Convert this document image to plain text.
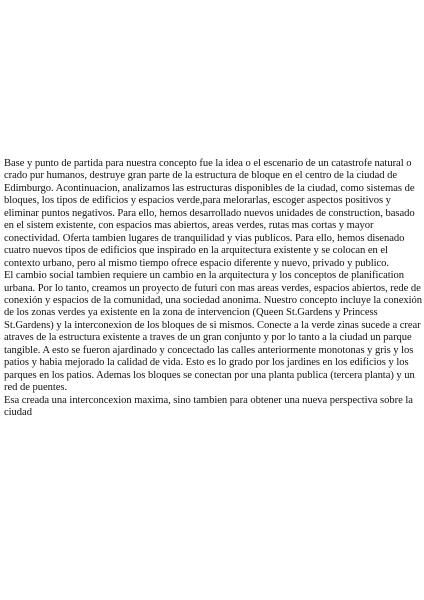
Base y punto de partida para nuestra concepto fue la idea o el escenario de un catastrofe natural o crado pur humanos, destruye gran parte de la estructura de bloque en el centro de la ciudad de Edimburgo. Acontinuacion, analizamos las estructuras disponibles de la ciudad, como sistemas de bloques, los tipos de edificios y espacios verde,para melorarlas, escoger aspectos positivos y eliminar puntos negativos. Para ello, hemos desarrollado nuevos unidades de construction, basado en el sistem existente, con espacios mas abiertos, areas verdes, rutas mas cortas y mayor conectividad. Oferta tambien lugares de tranquilidad y vias publicos. Para ello, hemos disenado cuatro nuevos tipos de edificios que inspirado en la arquitectura existente y se colocan en el contexto urbano, pero al mismo tiempo ofrece espacio diferente y nuevo, privado y publico.

El cambio social tambien requiere un cambio en la arquitectura y los conceptos de planification urbana. Por lo tanto, creamos un proyecto de futuri con mas areas verdes, espacios abiertos, rede de conexión y espacios de la comunidad, una sociedad anonima. Nuestro concepto incluye la conexión de los zonas verdes ya existente en la zona de intervencion (Queen St.Gardens y Princess St.Gardens) y la interconexion de los bloques de si mismos. Conecte a la verde zinas sucede a crear atraves de la estructura existente a traves de un gran conjunto y por lo tanto a la ciudad un parque tangible. A esto se fueron ajardinado y concectado las calles anteriormente monotonas y gris y los patios y habia mejorado la calidad de vida. Esto es lo grado por los jardines en los edificios y los parques en los patios. Ademas los bloques se conectan por una planta publica (tercera planta) y un red de puentes.

Esa creada una interconcexion maxima, sino tambien para obtener una nueva perspectiva sobre la ciudad
